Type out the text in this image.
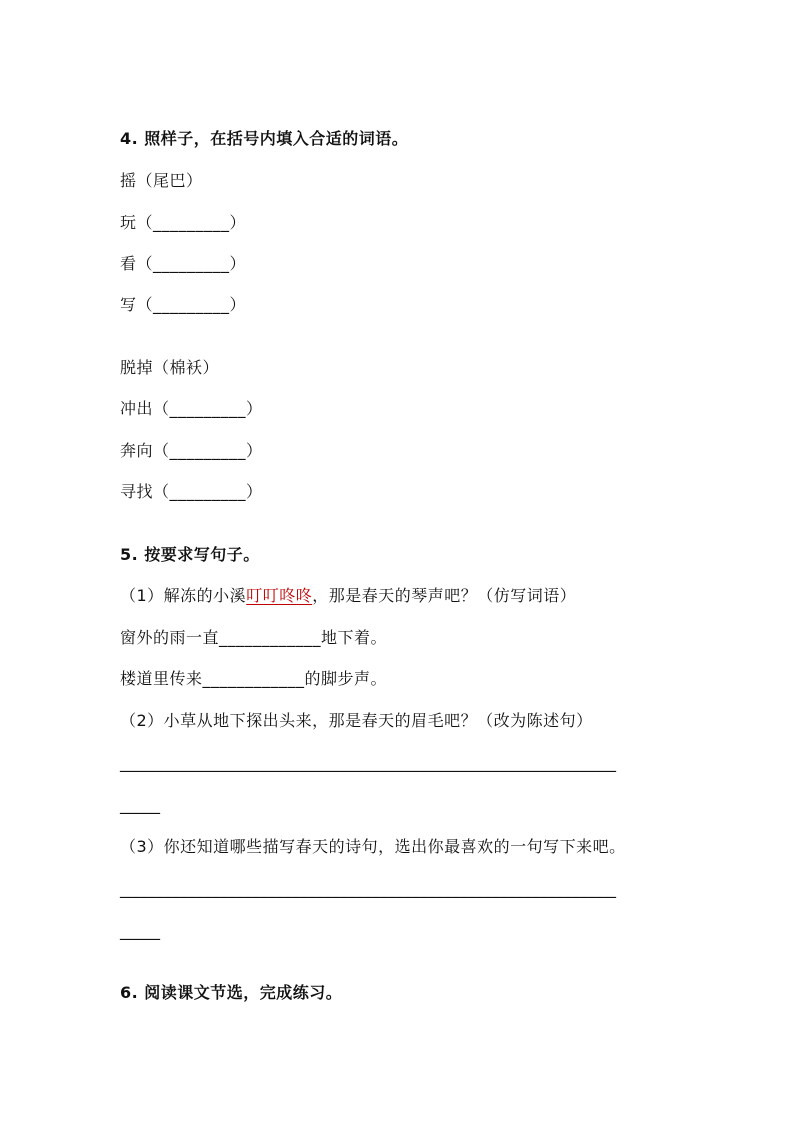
4. 照样子，在括号内填入合适的词语。
摇（尾巴）
玩（_________）
看（_________）
写（_________）
脱掉（棉袄）
冲出（_________）
奔向（_________）
寻找（_________）
5. 按要求写句子。
（1）解冻的小溪叮叮咚咚，那是春天的琴声吧？（仿写词语）
窗外的雨一直____________地下着。
楼道里传来____________的脚步声。
（2）小草从地下探出头来，那是春天的眉毛吧？（改为陈述句）
______________________________________________________________
_____
（3）你还知道哪些描写春天的诗句，选出你最喜欢的一句写下来吧。
______________________________________________________________
_____
6. 阅读课文节选，完成练习。
